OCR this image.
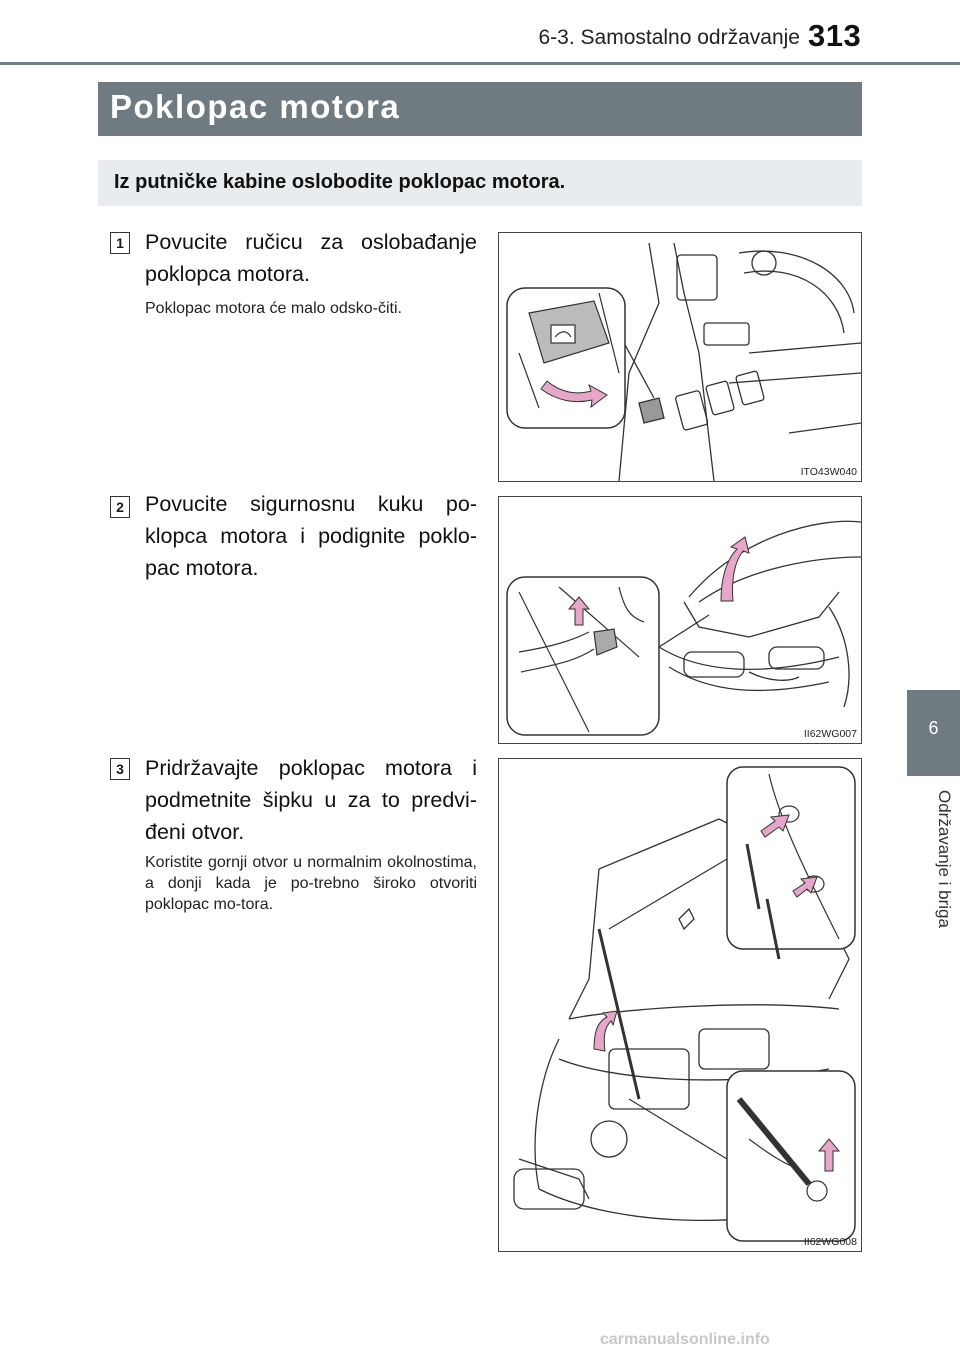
6-3. Samostalno održavanje 313
6
Održavanje i briga
Poklopac motora
Iz putničke kabine oslobodite poklopac motora.
1 Povucite ručicu za oslobađanje poklopca motora.
Poklopac motora će malo odsko-čiti.
ITO43W040
2 Povucite sigurnosnu kuku po-klopca motora i podignite poklo-pac motora.
II62WG007
3 Pridržavajte poklopac motora i podmetnite šipku u za to predvi-đeni otvor.
Koristite gornji otvor u normalnim okolnostima, a donji kada je po-trebno široko otvoriti poklopac mo-tora.
II62WG008
carmanualsonline.info
